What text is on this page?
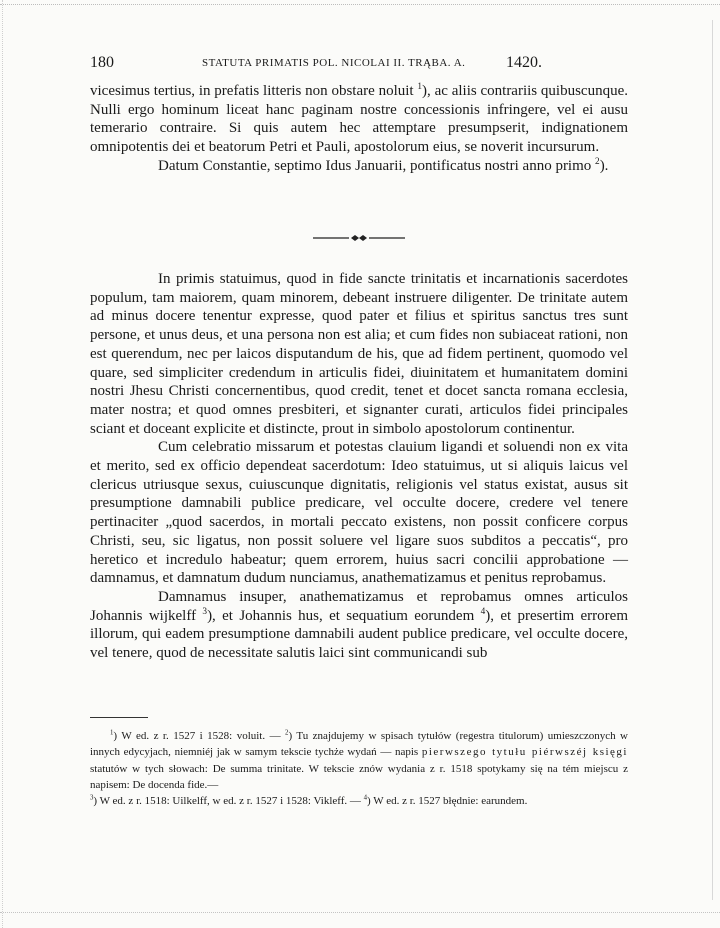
180	STATUTA PRIMATIS POL. NICOLAI II. TRĄBA. A.	1420.

vicesimus tertius, in prefatis litteris non obstare noluit $^1$), ac aliis contrariis quibuscunque. Nulli ergo hominum liceat hanc paginam nostre concessionis infringere, vel ei ausu temerario contraire. Si quis autem hec attemptare presumpserit, indignationem omnipotentis dei et beatorum Petri et Pauli, apostolorum eius, se noverit incursurum.

Datum Constantie, septimo Idus Januarii, pontificatus nostri anno primo $^2$).

In primis statuimus, quod in fide sancte trinitatis et incarnationis sacerdotes populum, tam maiorem, quam minorem, debeant instruere diligenter. De trinitate autem ad minus docere tenentur expresse, quod pater et filius et spiritus sanctus tres sunt persone, et unus deus, et una persona non est alia; et cum fides non subiaceat rationi, non est querendum, nec per laicos disputandum de his, que ad fidem pertinent, quomodo vel quare, sed simpliciter credendum in articulis fidei, diuinitatem et humanitatem domini nostri Jhesu Christi concernentibus, quod credit, tenet et docet sancta romana ecclesia, mater nostra; et quod omnes presbiteri, et signanter curati, articulos fidei principales sciant et doceant explicite et distincte, prout in simbolo apostolorum continentur.

Cum celebratio missarum et potestas clauium ligandi et soluendi non ex vita et merito, sed ex officio dependeat sacerdotum: Ideo statuimus, ut si aliquis laicus vel clericus utriusque sexus, cuiuscunque dignitatis, religionis vel status existat, ausus sit presumptione damnabili publice predicare, vel occulte docere, credere vel tenere pertinaciter „quod sacerdos, in mortali peccato existens, non possit conficere corpus Christi, seu, sic ligatus, non possit soluere vel ligare suos subditos a peccatis“, pro heretico et incredulo habeatur; quem errorem, huius sacri concilii approbatione — damnamus, et damnatum dudum nunciamus, anathematizamus et penitus reprobamus.

Damnamus insuper, anathematizamus et reprobamus omnes articulos Johannis wijkelff $^3$), et Johannis hus, et sequatium eorundem $^4$), et presertim errorem illorum, qui eadem presumptione damnabili audent publice predicare, vel occulte docere, vel tenere, quod de necessitate salutis laici sint communicandi sub

$^1$) W ed. z r. 1527 i 1528: voluit. — $^2$) Tu znajdujemy w spisach tytułów (regestra titulorum) umieszczonych w innych edycyjach, niemniéj jak w samym tekscie tychże wydań — napis pierwszego tytułu piérwszéj księgi statutów w tych słowach: De summa trinitate. W tekscie znów wydania z r. 1518 spotykamy się na tém miejscu z napisem: De docenda fide.—

$^3$) W ed. z r. 1518: Uilkelff, w ed. z r. 1527 i 1528: Vikleff. — $^4$) W ed. z r. 1527 błędnie: earundem.
